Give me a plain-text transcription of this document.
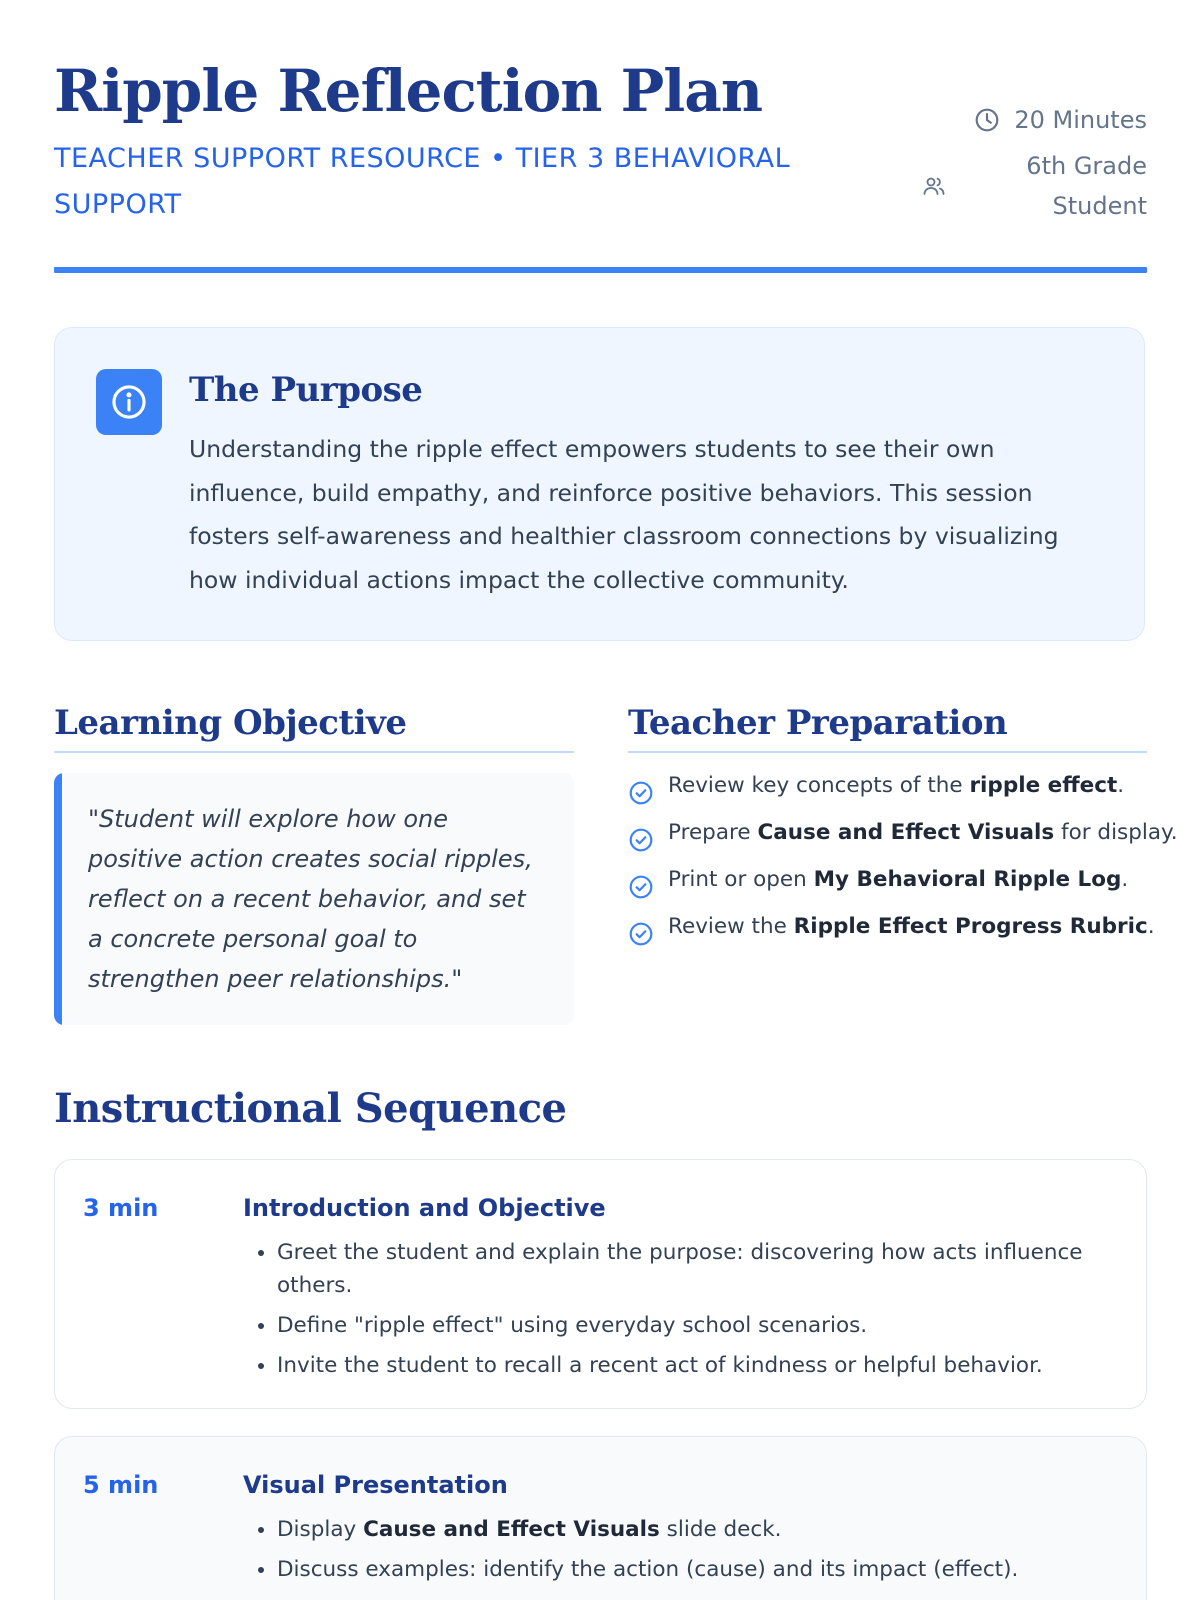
Ripple Reflection Plan

TEACHER SUPPORT RESOURCE • TIER 3 BEHAVIORAL SUPPORT

20 Minutes
6th Grade
Student
The Purpose

Understanding the ripple effect empowers students to see their own influence, build empathy, and reinforce positive behaviors. This session fosters self-awareness and healthier classroom connections by visualizing how individual actions impact the collective community.

Learning Objective

"Student will explore how one positive action creates social ripples, reflect on a recent behavior, and set a concrete personal goal to strengthen peer relationships."

Teacher Preparation
Review key concepts of the ripple effect.
Prepare Cause and Effect Visuals for display.
Print or open My Behavioral Ripple Log.
Review the Ripple Effect Progress Rubric.
Instructional Sequence

3 min	Introduction and Objective
• Greet the student and explain the purpose: discovering how acts influence others.
• Define "ripple effect" using everyday school scenarios.
• Invite the student to recall a recent act of kindness or helpful behavior.

5 min	Visual Presentation
• Display Cause and Effect Visuals slide deck.
• Discuss examples: identify the action (cause) and its impact (effect).
